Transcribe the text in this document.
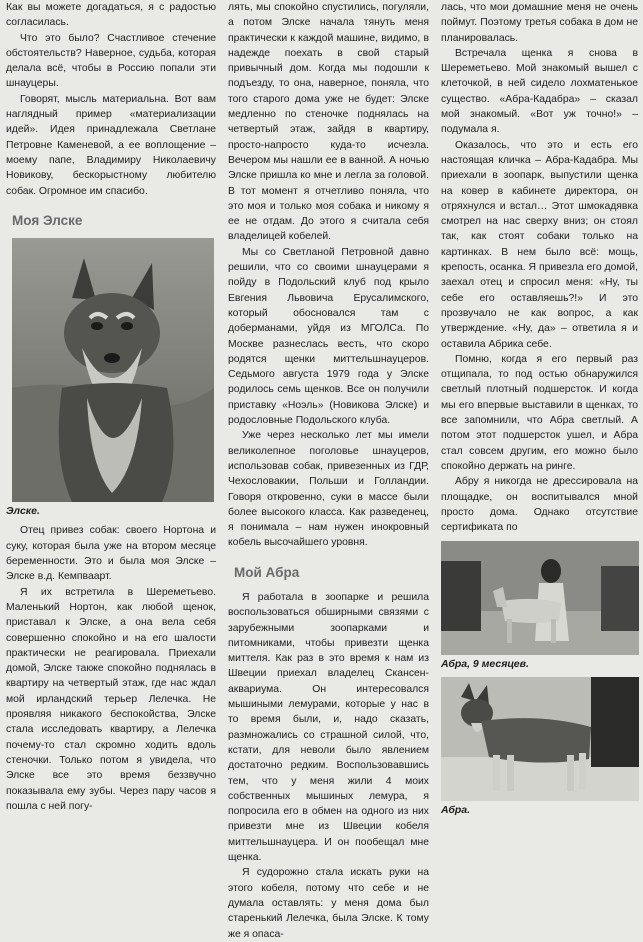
Как вы можете догадаться, я с радостью согласилась.

Что это было? Счастливое стечение обстоятельств? Наверное, судьба, которая делала всё, чтобы в Россию попали эти шнауцеры.

Говорят, мысль материальна. Вот вам наглядный пример «материализации идей». Идея принадлежала Светлане Петровне Каменевой, а ее воплощение – моему папе, Владимиру Николаевичу Новикову, бескорыстному любителю собак. Огромное им спасибо.

Моя Элске
Элске.

Отец привез собак: своего Нортона и суку, которая была уже на втором месяце беременности. Это и была моя Элске – Элске в.д. Кемпваарт.

Я их встретила в Шереметьево. Маленький Нортон, как любой щенок, приставал к Элске, а она вела себя совершенно спокойно и на его шалости практически не реагировала. Приехали домой, Элске также спокойно поднялась в квартиру на четвертый этаж, где нас ждал мой ирландский терьер Лелечка. Не проявляя никакого беспокойства, Элске стала исследовать квартиру, а Лелечка почему-то стал скромно ходить вдоль стеночки. Только потом я увидела, что Элске все это время беззвучно показывала ему зубы. Через пару часов я пошла с ней погу-

лять, мы спокойно спустились, погуляли, а потом Элске начала тянуть меня практически к каждой машине, видимо, в надежде поехать в свой старый привычный дом. Когда мы подошли к подъезду, то она, наверное, поняла, что того старого дома уже не будет: Элске медленно по стеночке поднялась на четвертый этаж, зайдя в квартиру, просто-напросто куда-то исчезла. Вечером мы нашли ее в ванной. А ночью Элске пришла ко мне и легла за головой. В тот момент я отчетливо поняла, что это моя и только моя собака и никому я ее не отдам. До этого я считала себя владелицей кобелей.

Мы со Светланой Петровной давно решили, что со своими шнауцерами я пойду в Подольский клуб под крыло Евгения Львовича Ерусалимского, который обосновался там с доберманами, уйдя из МГОЛСа. По Москве разнеслась весть, что скоро родятся щенки миттельшнауцеров. Седьмого августа 1979 года у Элске родилось семь щенков. Все он получили приставку «Ноэль» (Новикова Элске) и родословные Подольского клуба.

Уже через несколько лет мы имели великолепное поголовье шнауцеров, использовав собак, привезенных из ГДР, Чехословакии, Польши и Голландии. Говоря откровенно, суки в массе были более высокого класса. Как разведенец, я понимала – нам нужен инокровный кобель высочайшего уровня.

Мой Абра

Я работала в зоопарке и решила воспользоваться обширными связями с зарубежными зоопарками и питомниками, чтобы привезти щенка миттеля. Как раз в это время к нам из Швеции приехал владелец Скансен-аквариума. Он интересовался мышиными лемурами, которые у нас в то время были, и, надо сказать, размножались со страшной силой, что, кстати, для неволи было явлением достаточно редким. Воспользовавшись тем, что у меня жили 4 моих собственных мышиных лемура, я попросила его в обмен на одного из них привезти мне из Швеции кобеля миттельшнауцера. И он пообещал мне щенка.

Я судорожно стала искать руки на этого кобеля, потому что себе и не думала оставлять: у меня дома был старенький Лелечка, была Элске. К тому же я опаса-

лась, что мои домашние меня не очень поймут. Поэтому третья собака в дом не планировалась.

Встречала щенка я снова в Шереметьево. Мой знакомый вышел с клеточкой, в ней сидело лохматенькое существо. «Абра-Кадабра» – сказал мой знакомый. «Вот уж точно!» – подумала я.

Оказалось, что это и есть его настоящая кличка – Абра-Кадабра. Мы приехали в зоопарк, выпустили щенка на ковер в кабинете директора, он отряхнулся и встал… Этот шмокадявка смотрел на нас сверху вниз; он стоял так, как стоят собаки только на картинках. В нем было всё: мощь, крепость, осанка. Я привезла его домой, заехал отец и спросил меня: «Ну, ты себе его оставляешь?!» И это прозвучало не как вопрос, а как утверждение. «Ну, да» – ответила я и оставила Абрика себе.

Помню, когда я его первый раз отщипала, то под остью обнаружился светлый плотный подшерсток. И когда мы его впервые выставили в щенках, то все запомнили, что Абра светлый. А потом этот подшерсток ушел, и Абра стал совсем другим, его можно было спокойно держать на ринге.

Абру я никогда не дрессировала на площадке, он воспитывался мной просто дома. Однако отсутствие сертификата по

Абра, 9 месяцев.
Абра.
